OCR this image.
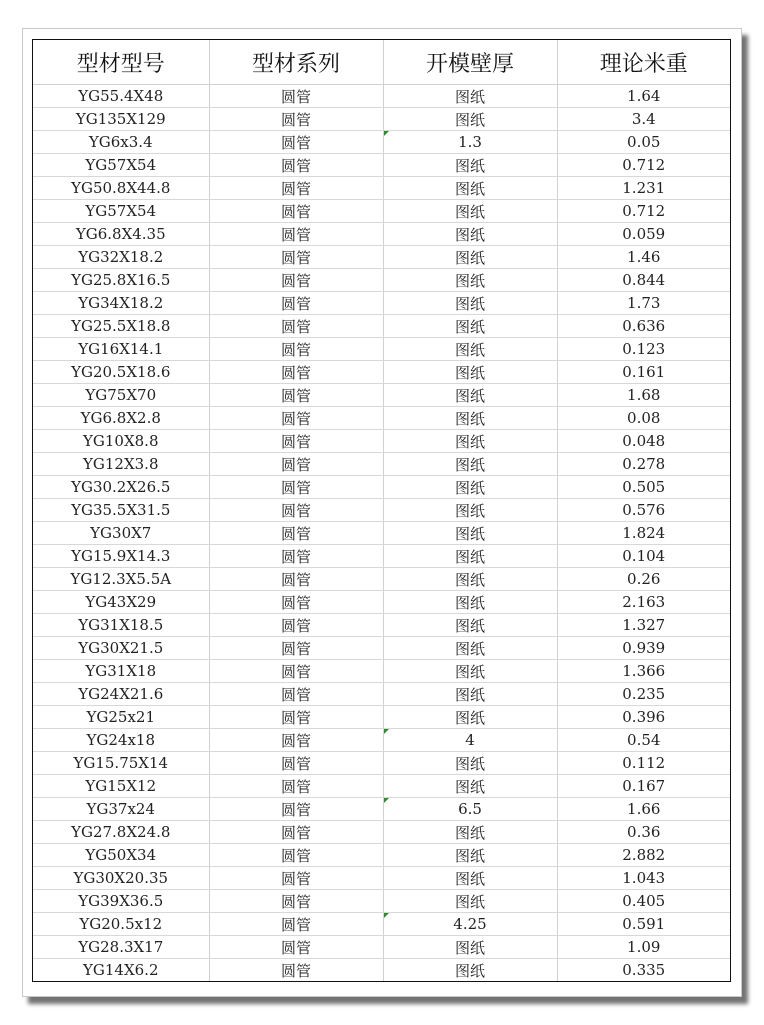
型材型号	型材系列	开模壁厚	理论米重
YG55.4X48	圆管	图纸	1.64
YG135X129	圆管	图纸	3.4
YG6x3.4	圆管	1.3	0.05
YG57X54	圆管	图纸	0.712
YG50.8X44.8	圆管	图纸	1.231
YG57X54	圆管	图纸	0.712
YG6.8X4.35	圆管	图纸	0.059
YG32X18.2	圆管	图纸	1.46
YG25.8X16.5	圆管	图纸	0.844
YG34X18.2	圆管	图纸	1.73
YG25.5X18.8	圆管	图纸	0.636
YG16X14.1	圆管	图纸	0.123
YG20.5X18.6	圆管	图纸	0.161
YG75X70	圆管	图纸	1.68
YG6.8X2.8	圆管	图纸	0.08
YG10X8.8	圆管	图纸	0.048
YG12X3.8	圆管	图纸	0.278
YG30.2X26.5	圆管	图纸	0.505
YG35.5X31.5	圆管	图纸	0.576
YG30X7	圆管	图纸	1.824
YG15.9X14.3	圆管	图纸	0.104
YG12.3X5.5A	圆管	图纸	0.26
YG43X29	圆管	图纸	2.163
YG31X18.5	圆管	图纸	1.327
YG30X21.5	圆管	图纸	0.939
YG31X18	圆管	图纸	1.366
YG24X21.6	圆管	图纸	0.235
YG25x21	圆管	图纸	0.396
YG24x18	圆管	4	0.54
YG15.75X14	圆管	图纸	0.112
YG15X12	圆管	图纸	0.167
YG37x24	圆管	6.5	1.66
YG27.8X24.8	圆管	图纸	0.36
YG50X34	圆管	图纸	2.882
YG30X20.35	圆管	图纸	1.043
YG39X36.5	圆管	图纸	0.405
YG20.5x12	圆管	4.25	0.591
YG28.3X17	圆管	图纸	1.09
YG14X6.2	圆管	图纸	0.335
